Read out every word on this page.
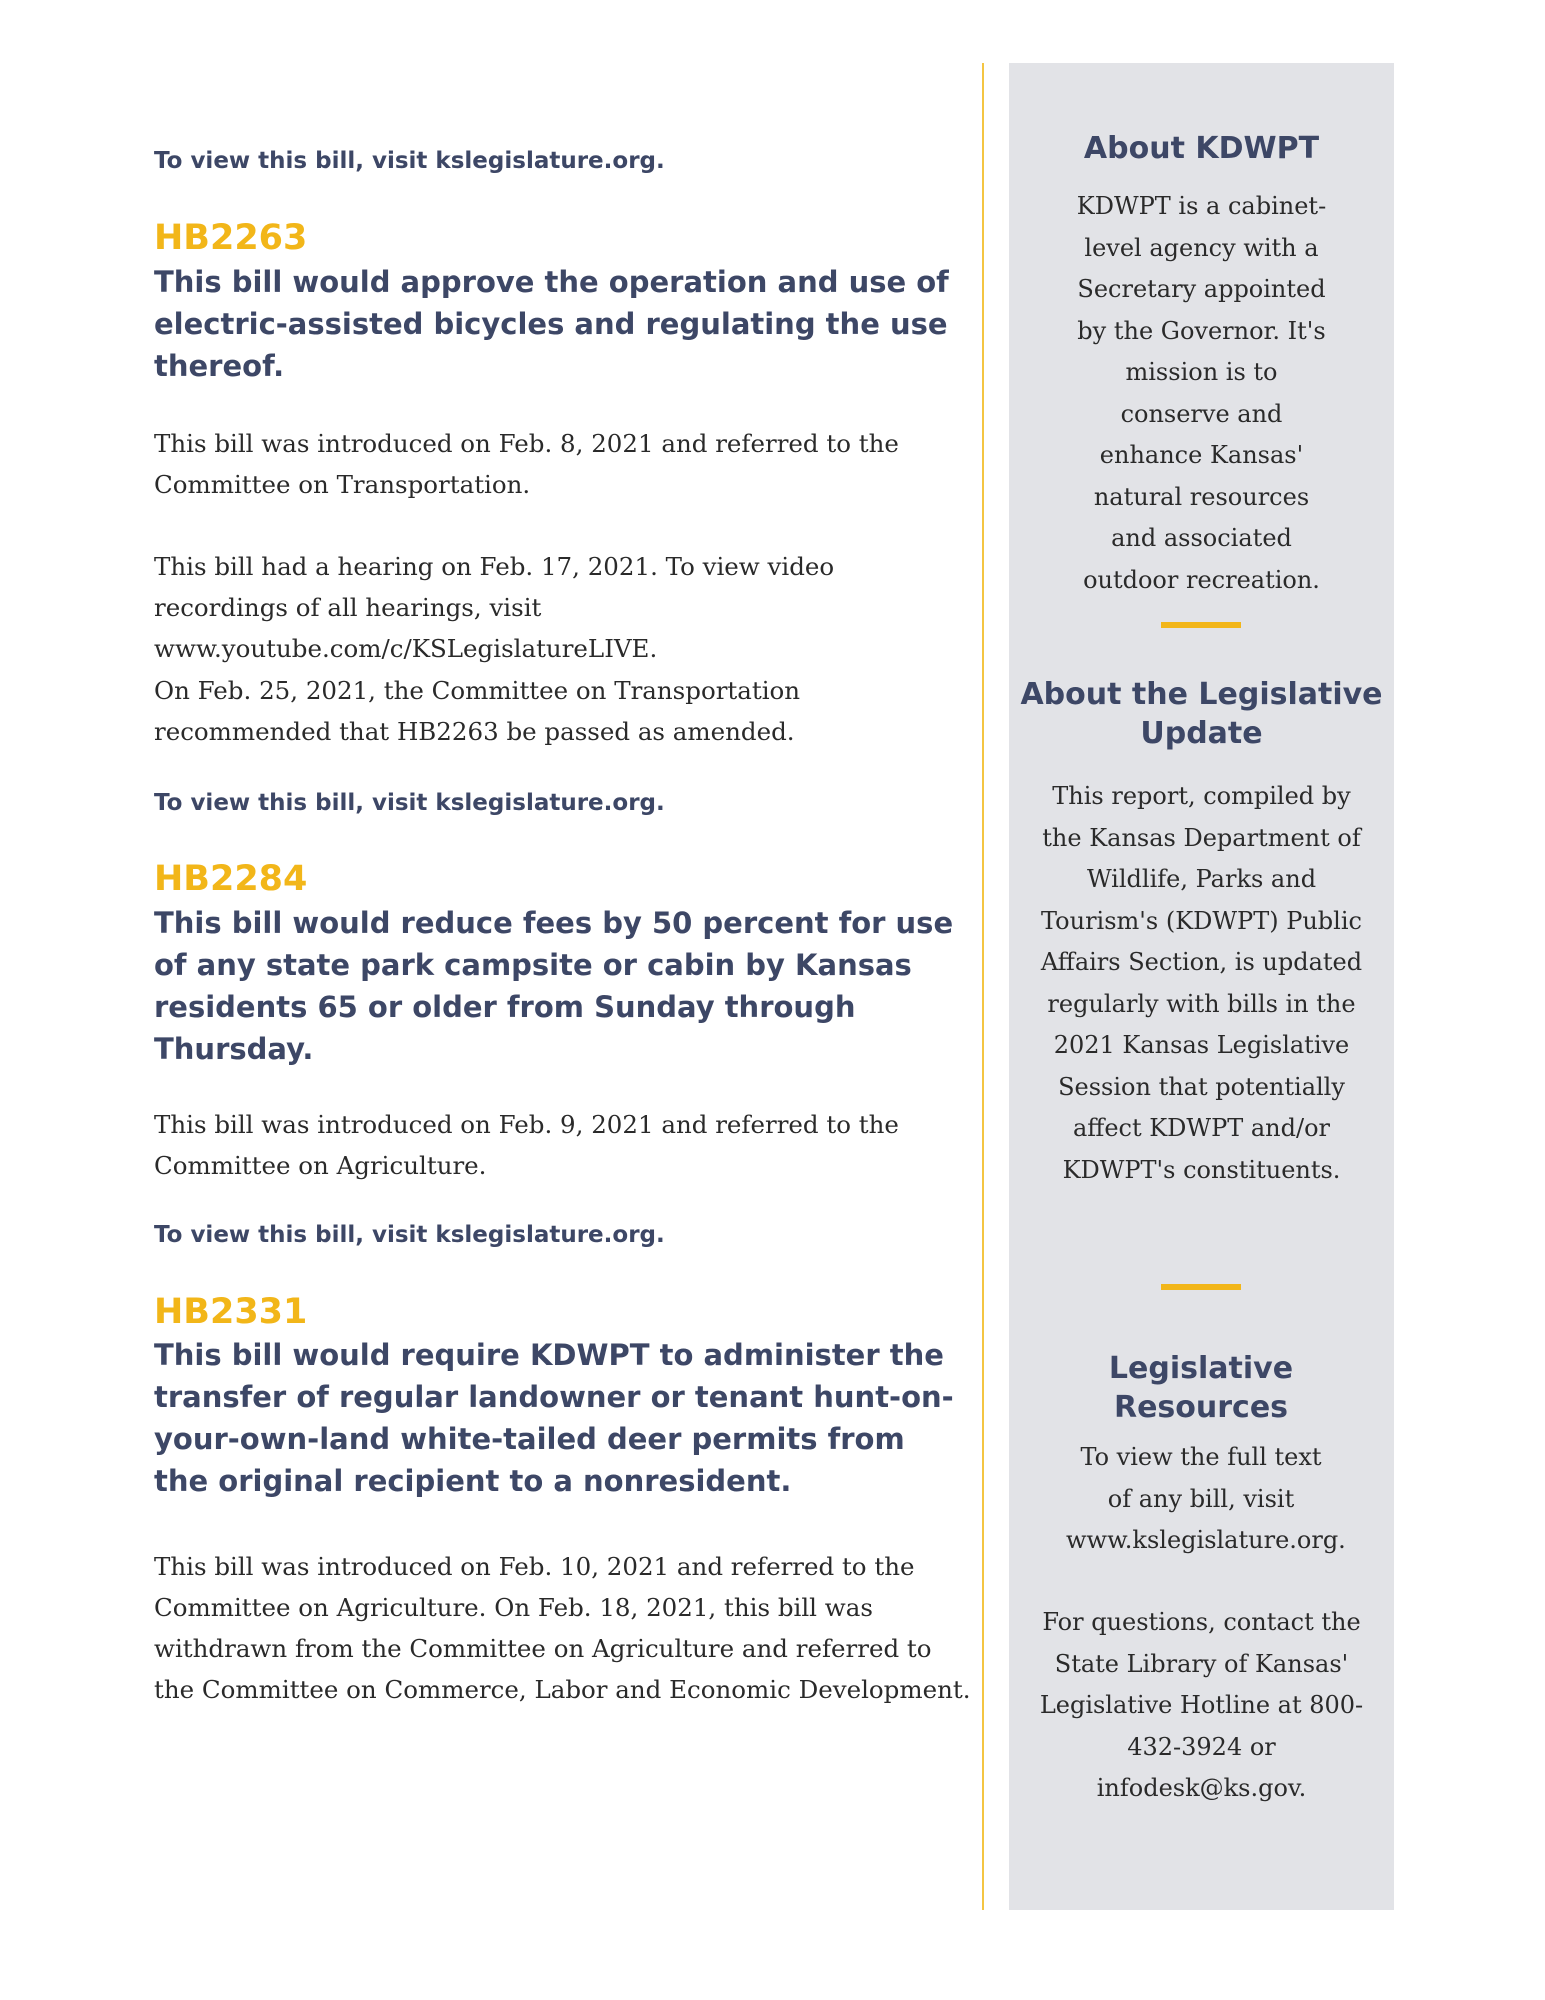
To view this bill, visit kslegislature.org.
HB2263
This bill would approve the operation and use of electric-assisted bicycles and regulating the use thereof.
This bill was introduced on Feb. 8, 2021 and referred to the Committee on Transportation.
This bill had a hearing on Feb. 17, 2021. To view video recordings of all hearings, visit www.youtube.com/c/KSLegislatureLIVE.
On Feb. 25, 2021, the Committee on Transportation recommended that HB2263 be passed as amended.
To view this bill, visit kslegislature.org.
HB2284
This bill would reduce fees by 50 percent for use of any state park campsite or cabin by Kansas residents 65 or older from Sunday through Thursday.
This bill was introduced on Feb. 9, 2021 and referred to the Committee on Agriculture.
To view this bill, visit kslegislature.org.
HB2331
This bill would require KDWPT to administer the transfer of regular landowner or tenant hunt-on-your-own-land white-tailed deer permits from the original recipient to a nonresident.
This bill was introduced on Feb. 10, 2021 and referred to the Committee on Agriculture. On Feb. 18, 2021, this bill was withdrawn from the Committee on Agriculture and referred to the Committee on Commerce, Labor and Economic Development.
About KDWPT
KDWPT is a cabinet-level agency with a Secretary appointed by the Governor. It's mission is to conserve and enhance Kansas' natural resources and associated outdoor recreation.
About the Legislative Update
This report, compiled by the Kansas Department of Wildlife, Parks and Tourism's (KDWPT) Public Affairs Section, is updated regularly with bills in the 2021 Kansas Legislative Session that potentially affect KDWPT and/or KDWPT's constituents.
Legislative Resources
To view the full text of any bill, visit www.kslegislature.org.
For questions, contact the State Library of Kansas' Legislative Hotline at 800-432-3924 or infodesk@ks.gov.
